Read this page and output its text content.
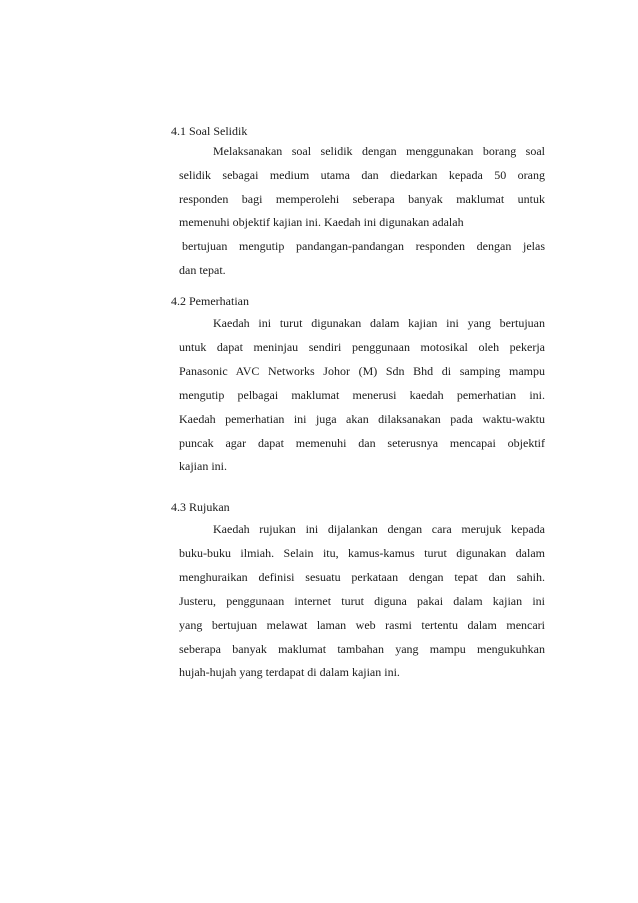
4.1 Soal Selidik

Melaksanakan soal selidik dengan menggunakan borang soal

selidik sebagai medium utama dan diedarkan kepada 50 orang

responden bagi memperolehi seberapa banyak maklumat untuk

memenuhi objektif kajian ini. Kaedah ini digunakan adalah

bertujuan mengutip pandangan-pandangan responden dengan jelas

dan tepat.

4.2 Pemerhatian

Kaedah ini turut digunakan dalam kajian ini yang bertujuan

untuk dapat meninjau sendiri penggunaan motosikal oleh pekerja

Panasonic AVC Networks Johor (M) Sdn Bhd di samping mampu

mengutip pelbagai maklumat menerusi kaedah pemerhatian ini.

Kaedah pemerhatian ini juga akan dilaksanakan pada waktu-waktu

puncak agar dapat memenuhi dan seterusnya mencapai objektif

kajian ini.

4.3 Rujukan

Kaedah rujukan ini dijalankan dengan cara merujuk kepada

buku-buku ilmiah. Selain itu, kamus-kamus turut digunakan dalam

menghuraikan definisi sesuatu perkataan dengan tepat dan sahih.

Justeru, penggunaan internet turut diguna pakai dalam kajian ini

yang bertujuan melawat laman web rasmi tertentu dalam mencari

seberapa banyak maklumat tambahan yang mampu mengukuhkan

hujah-hujah yang terdapat di dalam kajian ini.
